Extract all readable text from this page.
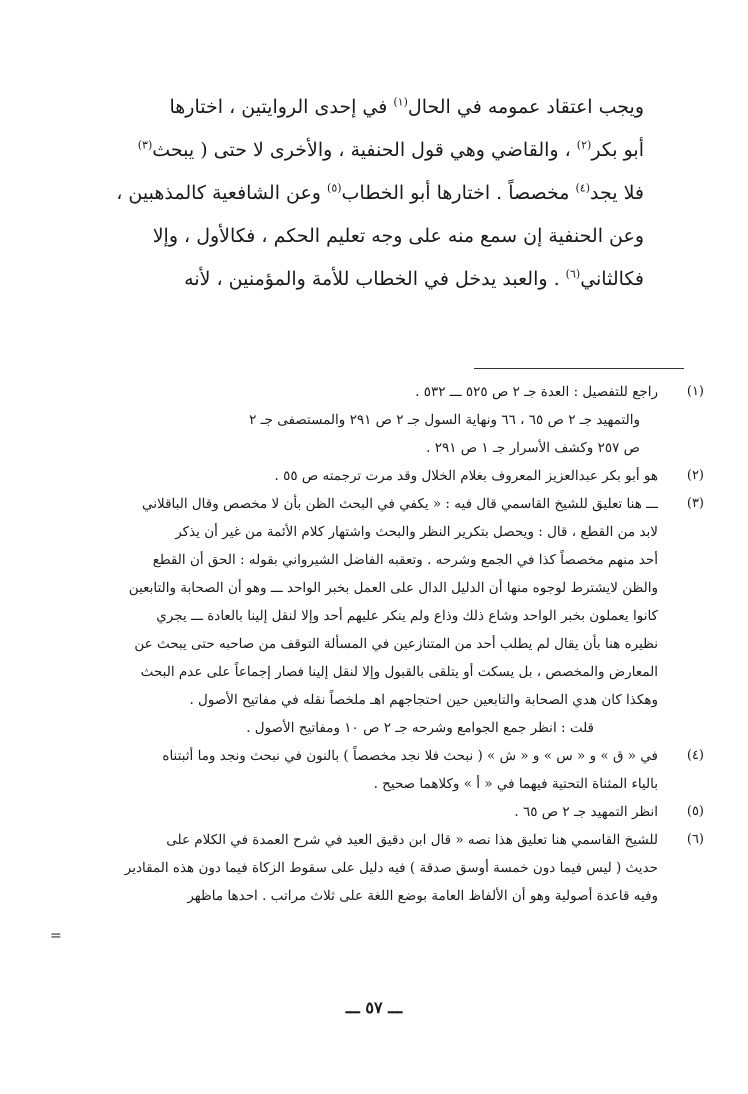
ويجب اعتقاد عمومه في الحال$^{(١)}$ في إحدى الروايتين ، اختارها
أبو بكر$^{(٢)}$ ، والقاضي وهي قول الحنفية ، والأخرى لا حتى ( يبحث$^{(٣)}$
فلا يجد$^{(٤)}$ مخصصاً . اختارها أبو الخطاب$^{(٥)}$ وعن الشافعية كالمذهبين ،
وعن الحنفية إن سمع منه على وجه تعليم الحكم ، فكالأول ، وإلا
فكالثاني$^{(٦)}$ . والعبد يدخل في الخطاب للأمة والمؤمنين ، لأنه
(١)
راجع للتفصيل : العدة جـ ٢ ص ٥٢٥ ـــ ٥٣٢ .
والتمهيد جـ ٢ ص ٦٥ ، ٦٦ ونهاية السول جـ ٢ ص ٢٩١ والمستصفى جـ ٢
ص ٢٥٧ وكشف الأسرار جـ ١ ص ٢٩١ .
(٢)
هو أبو بكر عبدالعزيز المعروف بغلام الخلال وقد مرت ترجمته ص ٥٥ .
(٣)
ـــ هنا تعليق للشيخ القاسمي قال فيه : « يكفي في البحث الظن بأن لا مخصص وقال الباقلاني
لابد من القطع ، قال : ويحصل بتكرير النظر والبحث واشتهار كلام الأئمة من غير أن يذكر
أحد منهم مخصصاً كذا في الجمع وشرحه . وتعقبه الفاضل الشيرواني بقوله : الحق أن القطع
والظن لايشترط لوجوه منها أن الدليل الدال على العمل بخبر الواحد ـــ وهو أن الصحابة والتابعين
كانوا يعملون بخبر الواحد وشاع ذلك وذاع ولم ينكر عليهم أحد وإلا لنقل إلينا بالعادة ـــ يجري
نظيره هنا بأن يقال لم يطلب أحد من المتنازعين في المسألة التوقف من صاحبه حتى يبحث عن
المعارض والمخصص ، بل يسكت أو يتلقى بالقبول وإلا لنقل إلينا فصار إجماعاً على عدم البحث
وهكذا كان هدي الصحابة والتابعين حين احتجاجهم اهـ ملخصاً نقله في مفاتيح الأصول .
قلت : انظر جمع الجوامع وشرحه جـ ٢ ص ١٠ ومفاتيح الأصول .
(٤)
في « ق » و « س » و « ش » ( نبحث فلا نجد مخصصاً ) بالنون في نبحث ونجد وما أثبتناه
بالياء المثناة التحتية فيهما في « أ » وكلاهما صحيح .
(٥)
انظر التمهيد جـ ٢ ص ٦٥ .
(٦)
للشيخ القاسمي هنا تعليق هذا نصه « قال ابن دقيق العيد في شرح العمدة في الكلام على
حديث ( ليس فيما دون خمسة أوسق صدقة ) فيه دليل على سقوط الزكاة فيما دون هذه المقادير
وفيه قاعدة أصولية وهو أن الألفاظ العامة بوضع اللغة على ثلاث مراتب . احدها ماظهر
=
ـــ ٥٧ ـــ
